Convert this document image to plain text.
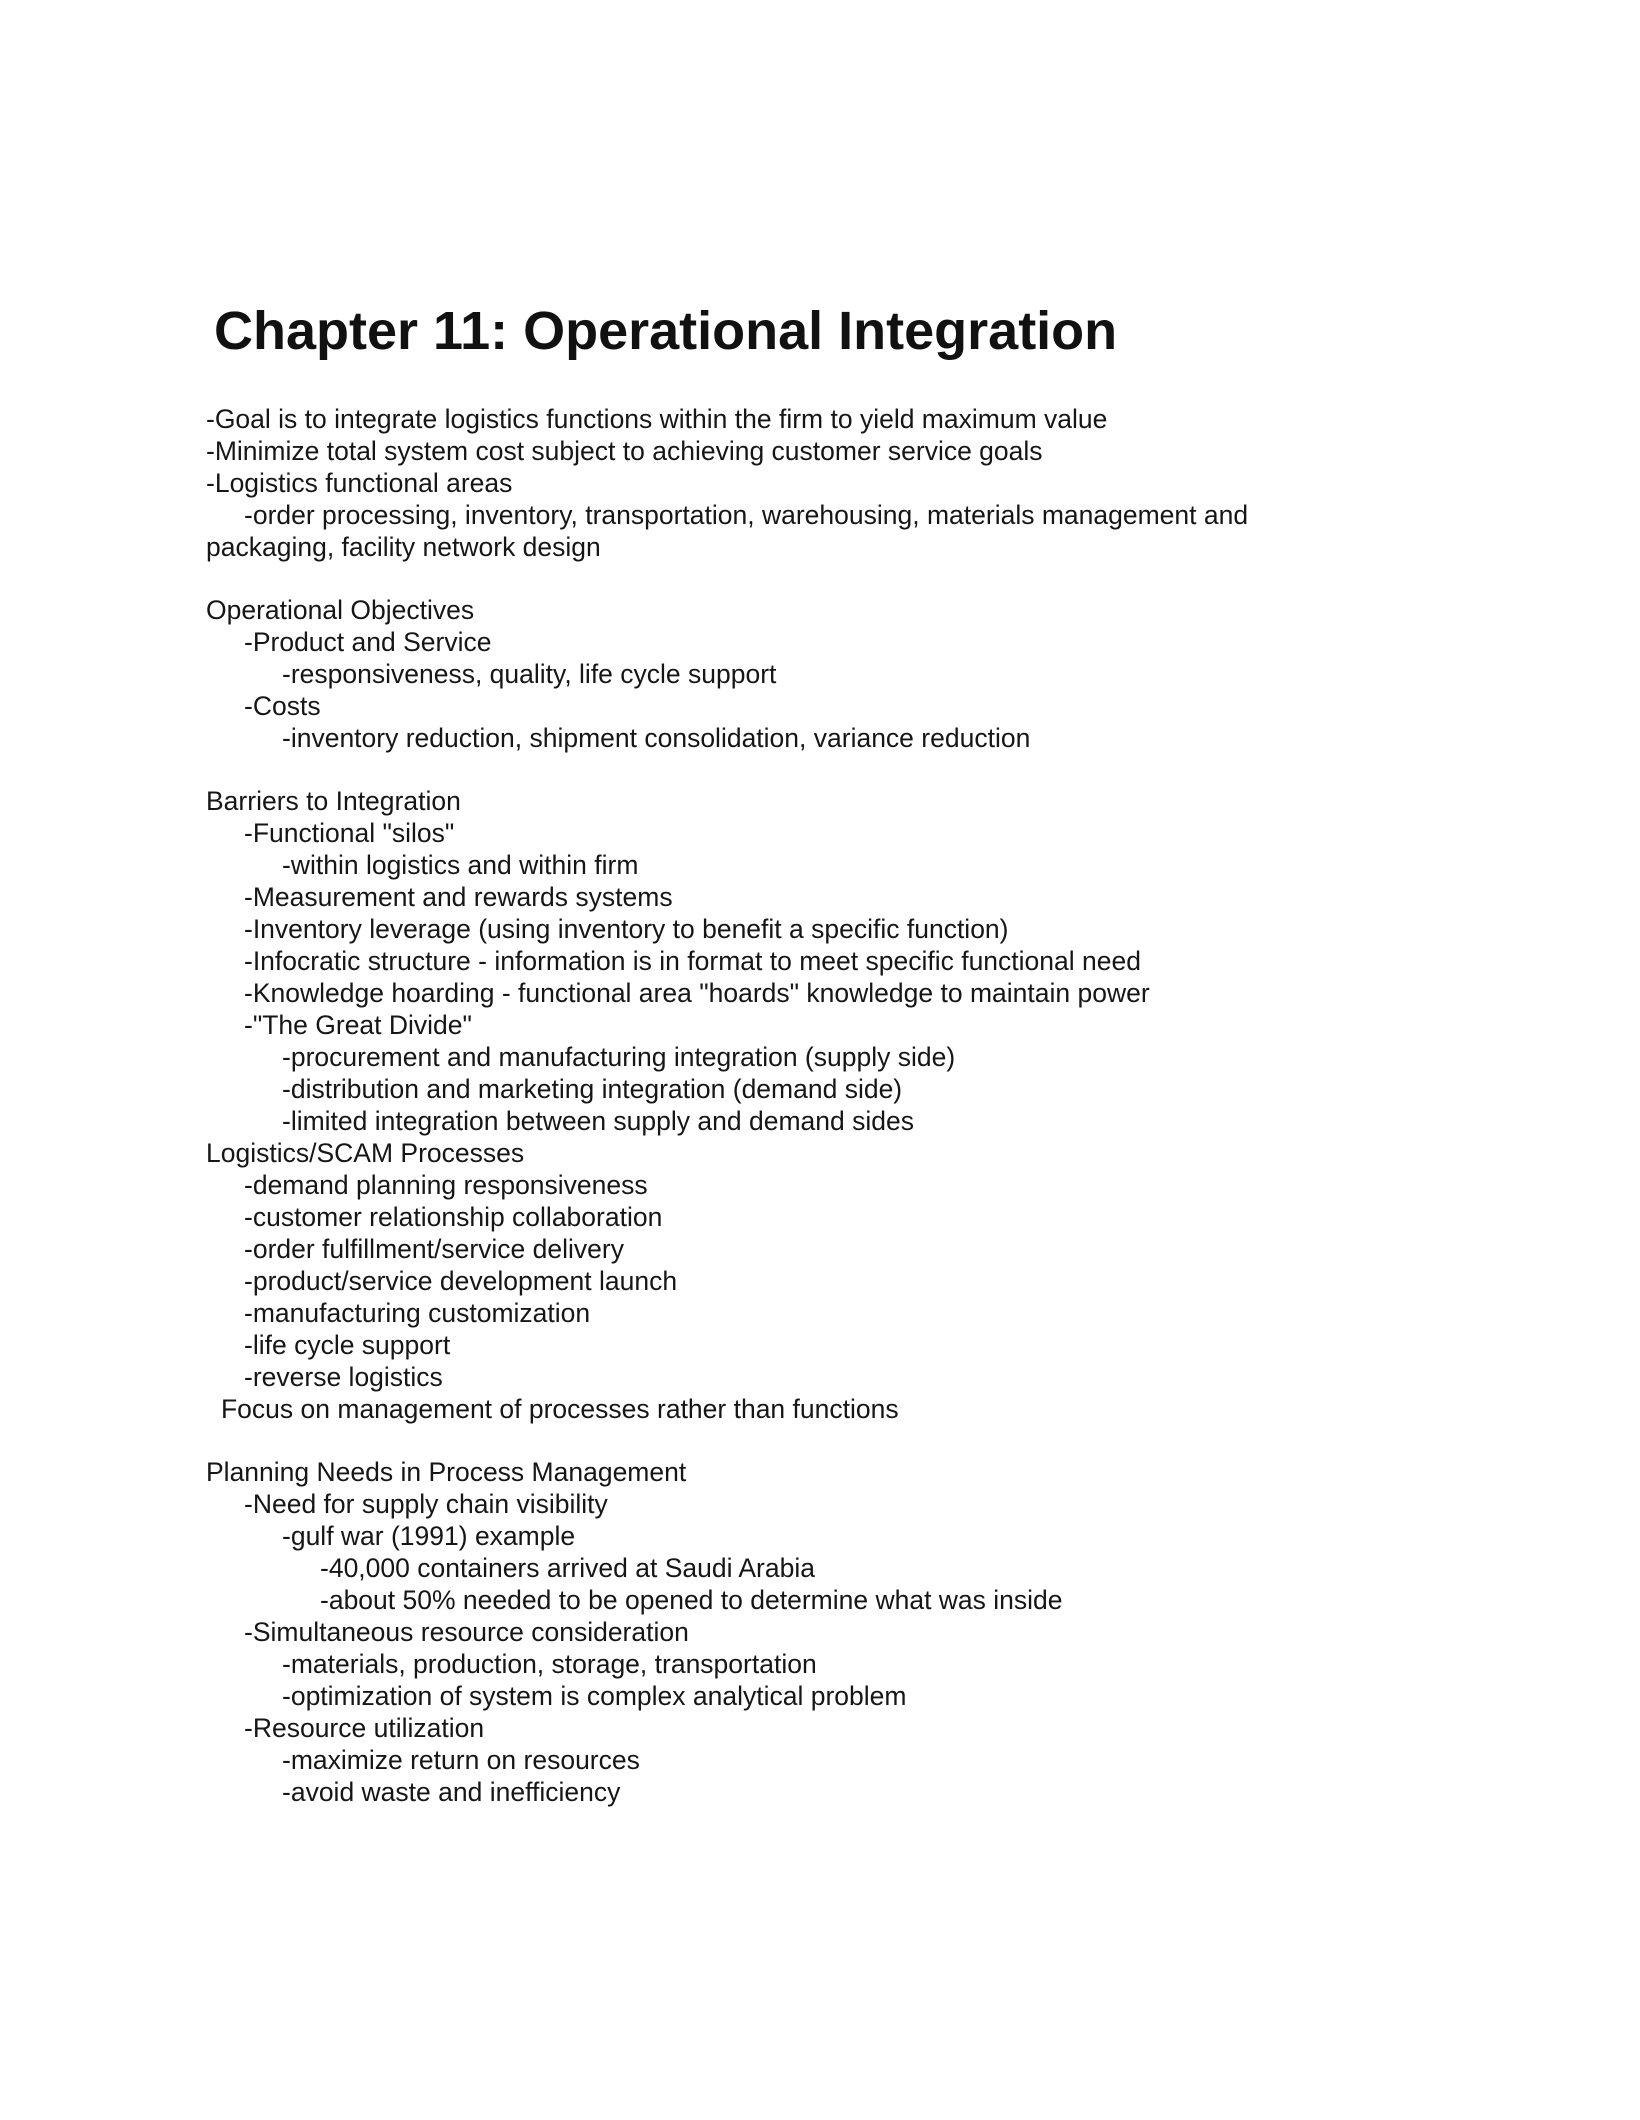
Chapter 11: Operational Integration
-Goal is to integrate logistics functions within the firm to yield maximum value
-Minimize total system cost subject to achieving customer service goals
-Logistics functional areas
-order processing, inventory, transportation, warehousing, materials management and
packaging, facility network design
Operational Objectives
-Product and Service
-responsiveness, quality, life cycle support
-Costs
-inventory reduction, shipment consolidation, variance reduction
Barriers to Integration
-Functional "silos"
-within logistics and within firm
-Measurement and rewards systems
-Inventory leverage (using inventory to benefit a specific function)
-Infocratic structure - information is in format to meet specific functional need
-Knowledge hoarding - functional area "hoards" knowledge to maintain power
-"The Great Divide"
-procurement and manufacturing integration (supply side)
-distribution and marketing integration (demand side)
-limited integration between supply and demand sides
Logistics/SCAM Processes
-demand planning responsiveness
-customer relationship collaboration
-order fulfillment/service delivery
-product/service development launch
-manufacturing customization
-life cycle support
-reverse logistics
Focus on management of processes rather than functions
Planning Needs in Process Management
-Need for supply chain visibility
-gulf war (1991) example
-40,000 containers arrived at Saudi Arabia
-about 50% needed to be opened to determine what was inside
-Simultaneous resource consideration
-materials, production, storage, transportation
-optimization of system is complex analytical problem
-Resource utilization
-maximize return on resources
-avoid waste and inefficiency
